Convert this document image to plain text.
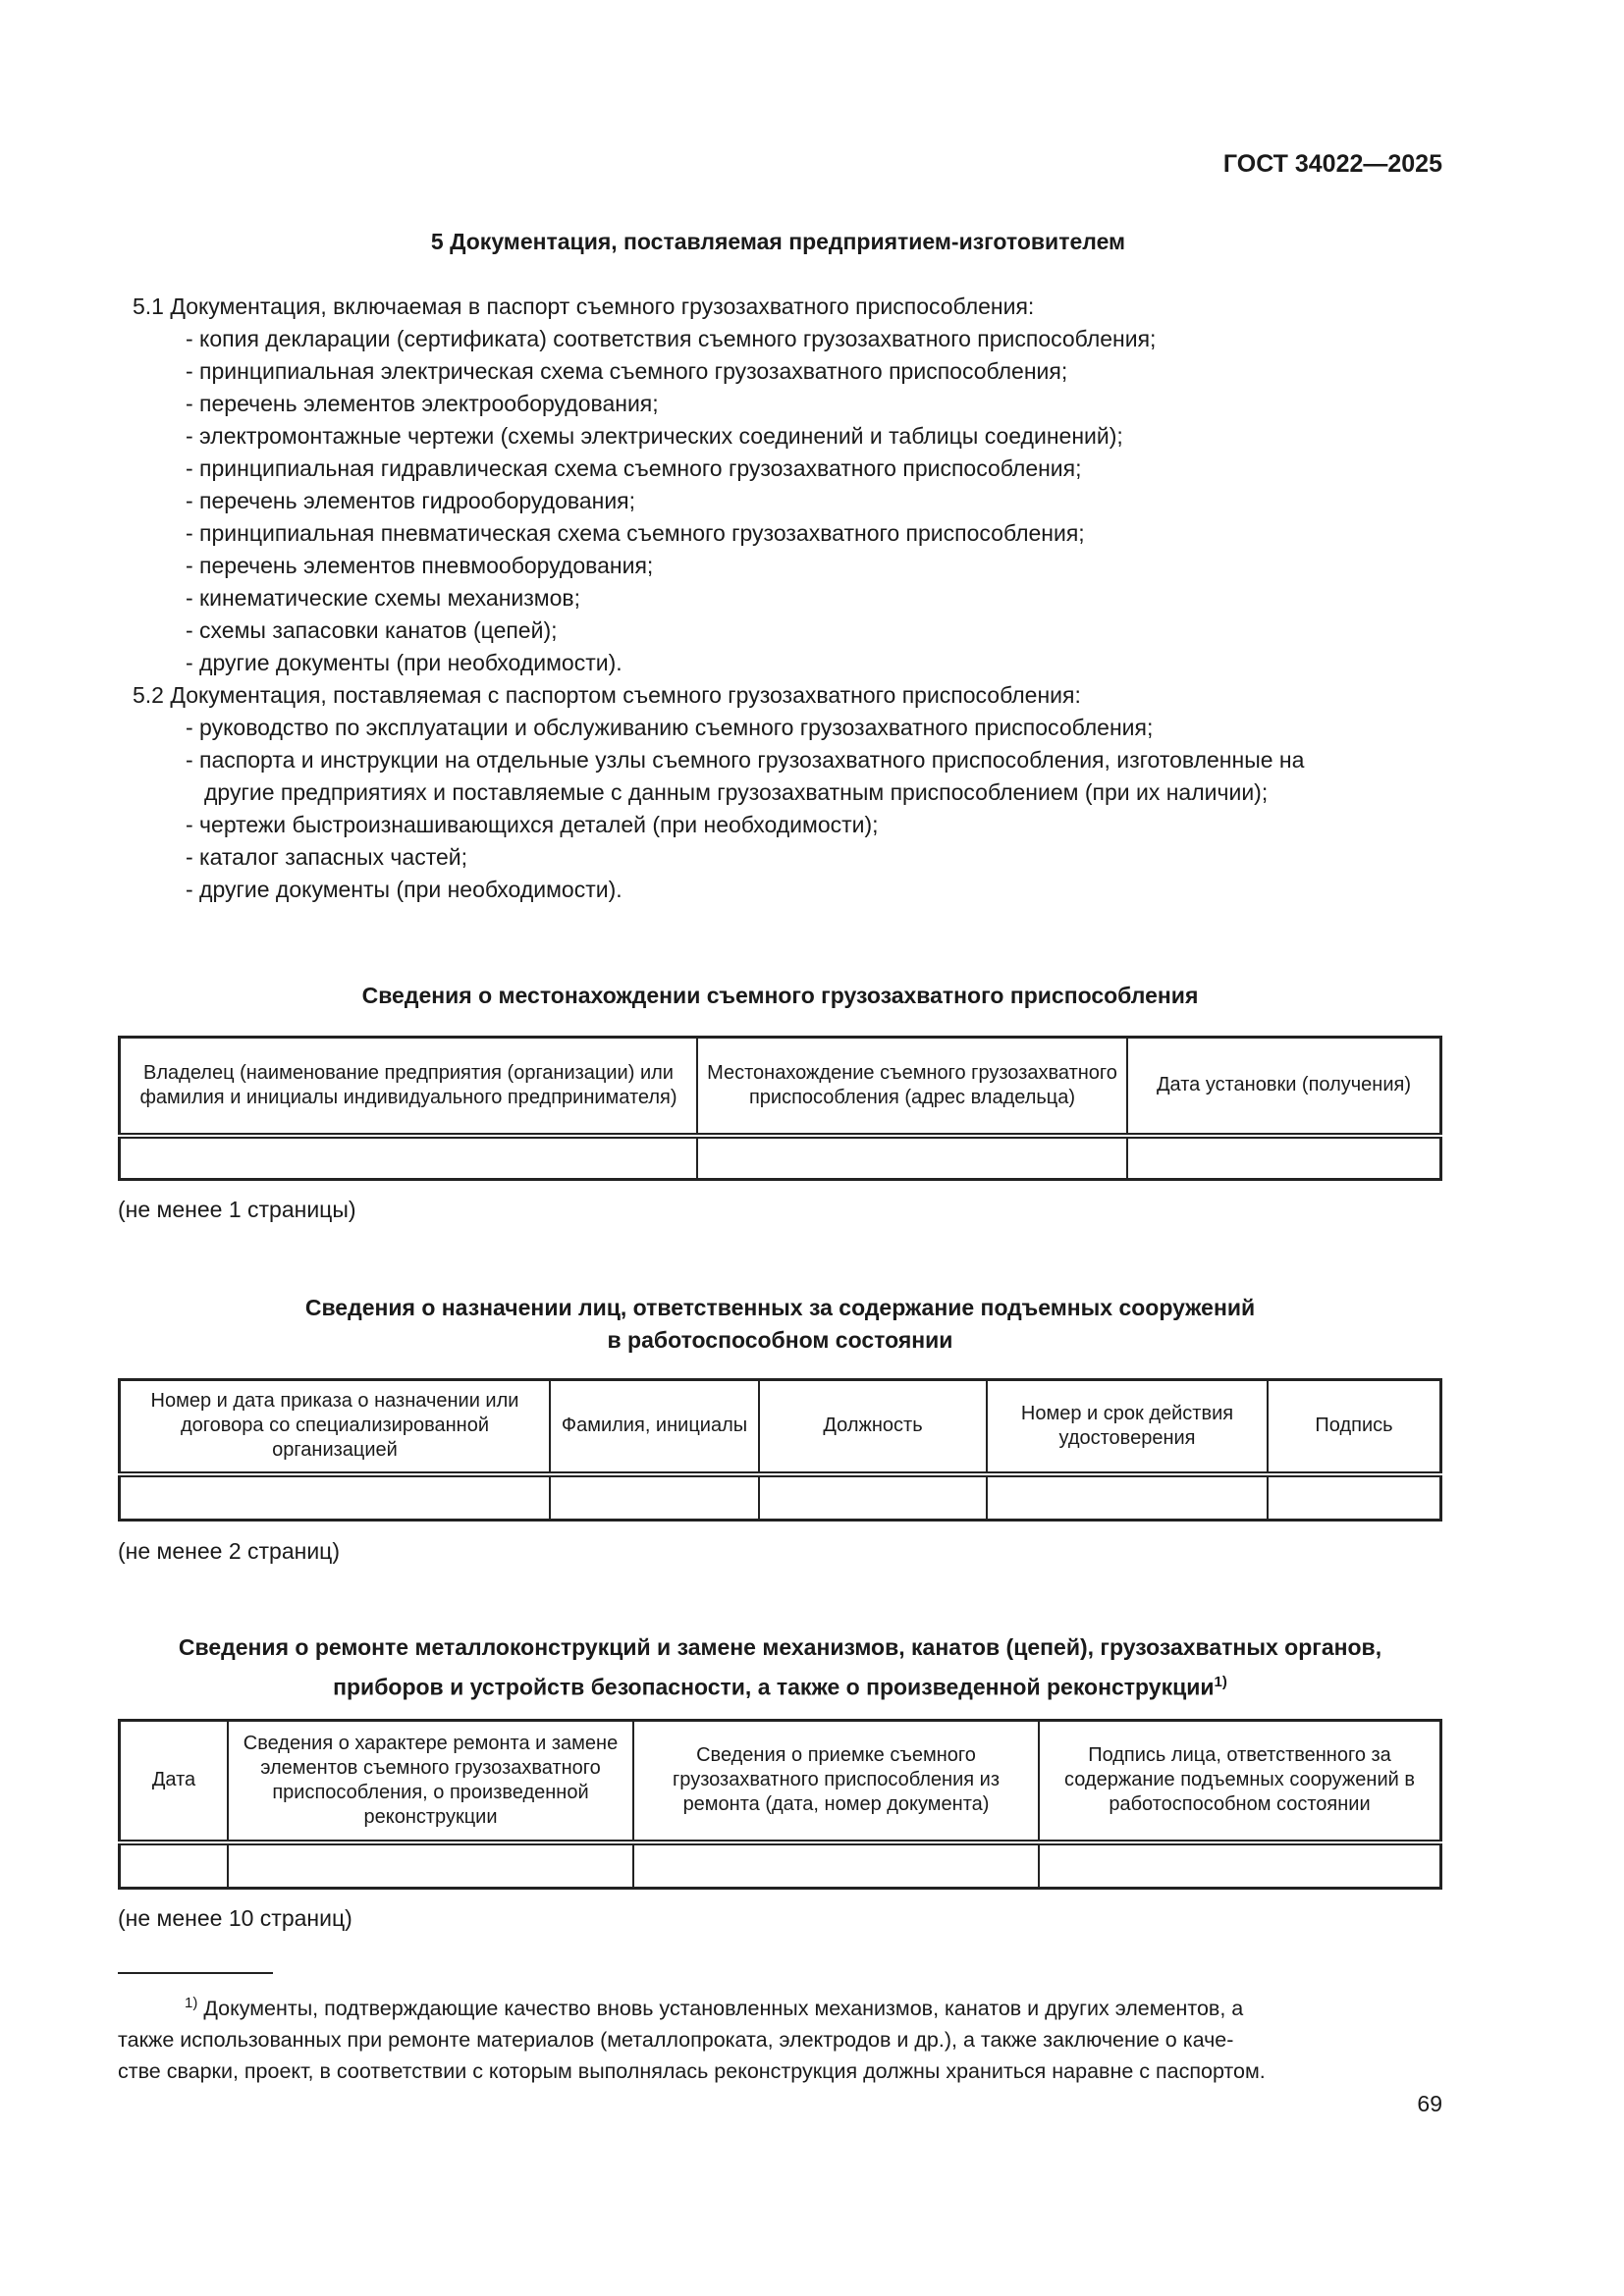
ГОСТ 34022—2025
5 Документация, поставляемая предприятием-изготовителем
5.1 Документация, включаемая в паспорт съемного грузозахватного приспособления:
- копия декларации (сертификата) соответствия съемного грузозахватного приспособления;
- принципиальная электрическая схема съемного грузозахватного приспособления;
- перечень элементов электрооборудования;
- электромонтажные чертежи (схемы электрических соединений и таблицы соединений);
- принципиальная гидравлическая схема съемного грузозахватного приспособления;
- перечень элементов гидрооборудования;
- принципиальная пневматическая схема съемного грузозахватного приспособления;
- перечень элементов пневмооборудования;
- кинематические схемы механизмов;
- схемы запасовки канатов (цепей);
- другие документы (при необходимости).
5.2 Документация, поставляемая с паспортом съемного грузозахватного приспособления:
- руководство по эксплуатации и обслуживанию съемного грузозахватного приспособления;
- паспорта и инструкции на отдельные узлы съемного грузозахватного приспособления, изготовленные на
другие предприятиях и поставляемые с данным грузозахватным приспособлением (при их наличии);
- чертежи быстроизнашивающихся деталей (при необходимости);
- каталог запасных частей;
- другие документы (при необходимости).
Сведения о местонахождении съемного грузозахватного приспособления
Владелец (наименование предприятия (организации) или фамилия и инициалы индивидуального предпринимателя)	Местонахождение съемного грузозахватного приспособления (адрес владельца)	Дата установки (получения)

(не менее 1 страницы)
Сведения о назначении лиц, ответственных за содержание подъемных сооружений
в работоспособном состоянии
Номер и дата приказа о назначении или договора со специализированной организацией	Фамилия, инициалы	Должность	Номер и срок действия удостоверения	Подпись

(не менее 2 страниц)
Сведения о ремонте металлоконструкций и замене механизмов, канатов (цепей), грузозахватных органов,
приборов и устройств безопасности, а также о произведенной реконструкции$^{1)}$
Дата	Сведения о характере ремонта и замене элементов съемного грузозахватного приспособления, о произведенной реконструкции	Сведения о приемке съемного грузозахватного приспособления из ремонта (дата, номер документа)	Подпись лица, ответственного за содержание подъемных сооружений в работоспособном состоянии

(не менее 10 страниц)
$^{1)}$ Документы, подтверждающие качество вновь установленных механизмов, канатов и других элементов, а
также использованных при ремонте материалов (металлопроката, электродов и др.), а также заключение о каче-
стве сварки, проект, в соответствии с которым выполнялась реконструкция должны храниться наравне с паспортом.
69
